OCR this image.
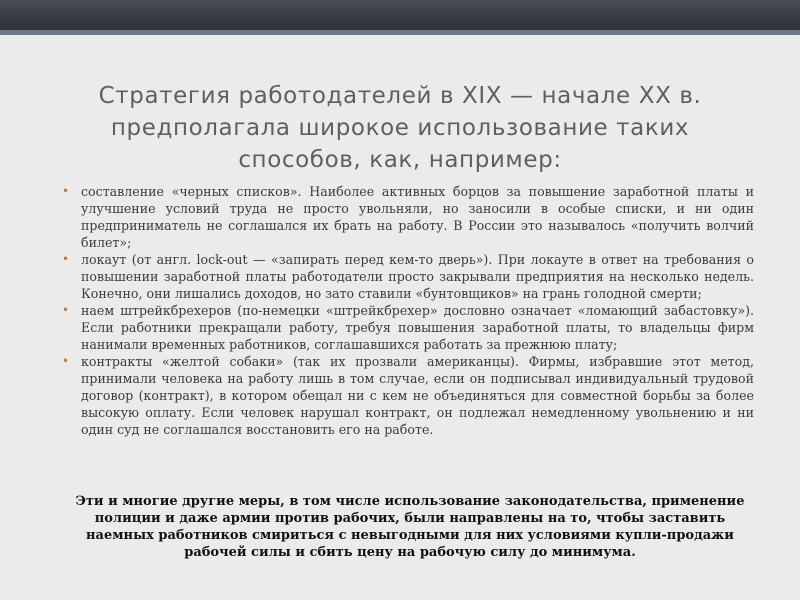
Стратегия работодателей в XIX — начале XX в. предполагала широкое использование таких способов, как, например:
• составление «черных списков». Наиболее активных борцов за повышение заработной платы и улучшение условий труда не просто увольняли, но заносили в особые списки, и ни один предприниматель не соглашался их брать на работу. В России это называлось «получить волчий билет»;
• локаут (от англ. lock-out — «запирать перед кем-то дверь»). При локауте в ответ на требования о повышении заработной платы работодатели просто закрывали предприятия на несколько недель. Конечно, они лишались доходов, но зато ставили «бунтовщиков» на грань голодной смерти;
• наем штрейкбрехеров (по-немецки «штрейкбрехер» дословно означает «ломающий забастовку»). Если работники прекращали работу, требуя повышения заработной платы, то владельцы фирм нанимали временных работников, соглашавшихся работать за прежнюю плату;
• контракты «желтой собаки» (так их прозвали американцы). Фирмы, избравшие этот метод, принимали человека на работу лишь в том случае, если он подписывал индивидуальный трудовой договор (контракт), в котором обещал ни с кем не объединяться для совместной борьбы за более высокую оплату. Если человек нарушал контракт, он подлежал немедленному увольнению и ни один суд не соглашался восстановить его на работе.
Эти и многие другие меры, в том числе использование законодательства, применение полиции и даже армии против рабочих, были направлены на то, чтобы заставить наемных работников смириться с невыгодными для них условиями купли-продажи рабочей силы и сбить цену на рабочую силу до минимума.
